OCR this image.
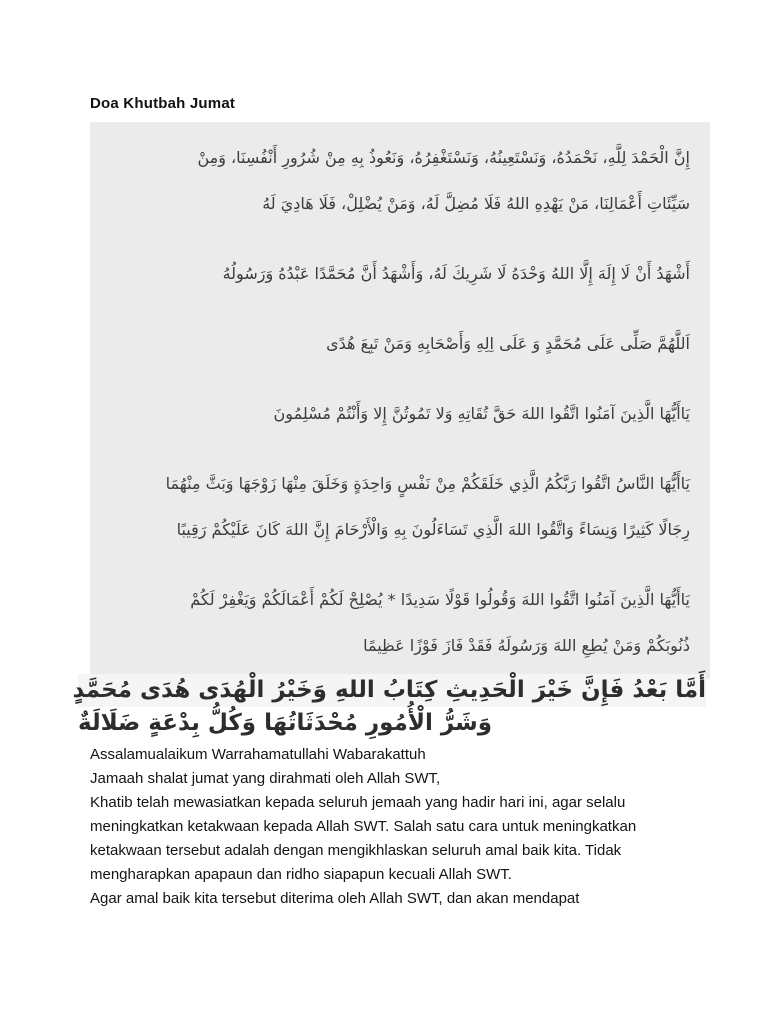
Doa Khutbah Jumat
إِنَّ الْحَمْدَ لِلَّهِ، نَحْمَدُهُ، وَنَسْتَعِينُهُ، وَنَسْتَغْفِرُهُ، وَنَعُوذُ بِهِ مِنْ شُرُورِ أَنْفُسِنَا، وَمِنْ
سَيِّئَاتِ أَعْمَالِنَا، مَنْ يَهْدِهِ اللهُ فَلَا مُضِلَّ لَهُ، وَمَنْ يُضْلِلْ، فَلَا هَادِيَ لَهُ
أَشْهَدُ أَنْ لَا إِلَهَ إِلَّا اللهُ وَحْدَهُ لَا شَرِيكَ لَهُ، وَأَشْهَدُ أَنَّ مُحَمَّدًا عَبْدُهُ وَرَسُولُهُ
اَللَّهُمَّ صَلِّى عَلَى مُحَمَّدٍ وَ عَلَى اِلِهِ وَأَصْحَابِهِ وَمَنْ تَبِعَ هُدًى
يَاأَيُّهَا الَّذِينَ آمَنُوا اتَّقُوا اللهَ حَقَّ تُقَاتِهِ وَلا تَمُوتُنَّ إِلا وَأَنْتُمْ مُسْلِمُونَ
يَاأَيُّهَا النَّاسُ اتَّقُوا رَبَّكُمُ الَّذِي خَلَقَكُمْ مِنْ نَفْسٍ وَاحِدَةٍ وَخَلَقَ مِنْهَا زَوْجَهَا وَبَثَّ مِنْهُمَا
رِجَالًا كَثِيرًا وَنِسَاءً وَاتَّقُوا اللهَ الَّذِي تَسَاءَلُونَ بِهِ وَالْأَرْحَامَ إِنَّ اللهَ كَانَ عَلَيْكُمْ رَقِيبًا
يَاأَيُّهَا الَّذِينَ آمَنُوا اتَّقُوا اللهَ وَقُولُوا قَوْلًا سَدِيدًا * يُصْلِحْ لَكُمْ أَعْمَالَكُمْ وَيَغْفِرْ لَكُمْ
ذُنُوبَكُمْ وَمَنْ يُطِعِ اللهَ وَرَسُولَهُ فَقَدْ فَازَ فَوْزًا عَظِيمًا
أَمَّا بَعْدُ فَإِنَّ خَيْرَ الْحَدِيثِ كِتَابُ اللهِ وَخَيْرُ الْهُدَى هُدَى مُحَمَّدٍ
وَشَرُّ الْأُمُورِ مُحْدَثَاتُهَا وَكُلُّ بِدْعَةٍ ضَلَالَةٌ
Assalamualaikum Warrahamatullahi Wabarakattuh
Jamaah shalat jumat yang dirahmati oleh Allah SWT,
Khatib telah mewasiatkan kepada seluruh jemaah yang hadir hari ini, agar selalu
meningkatkan ketakwaan kepada Allah SWT. Salah satu cara untuk meningkatkan
ketakwaan tersebut adalah dengan mengikhlaskan seluruh amal baik kita. Tidak
mengharapkan apapaun dan ridho siapapun kecuali Allah SWT.
Agar amal baik kita tersebut diterima oleh Allah SWT, dan akan mendapat
